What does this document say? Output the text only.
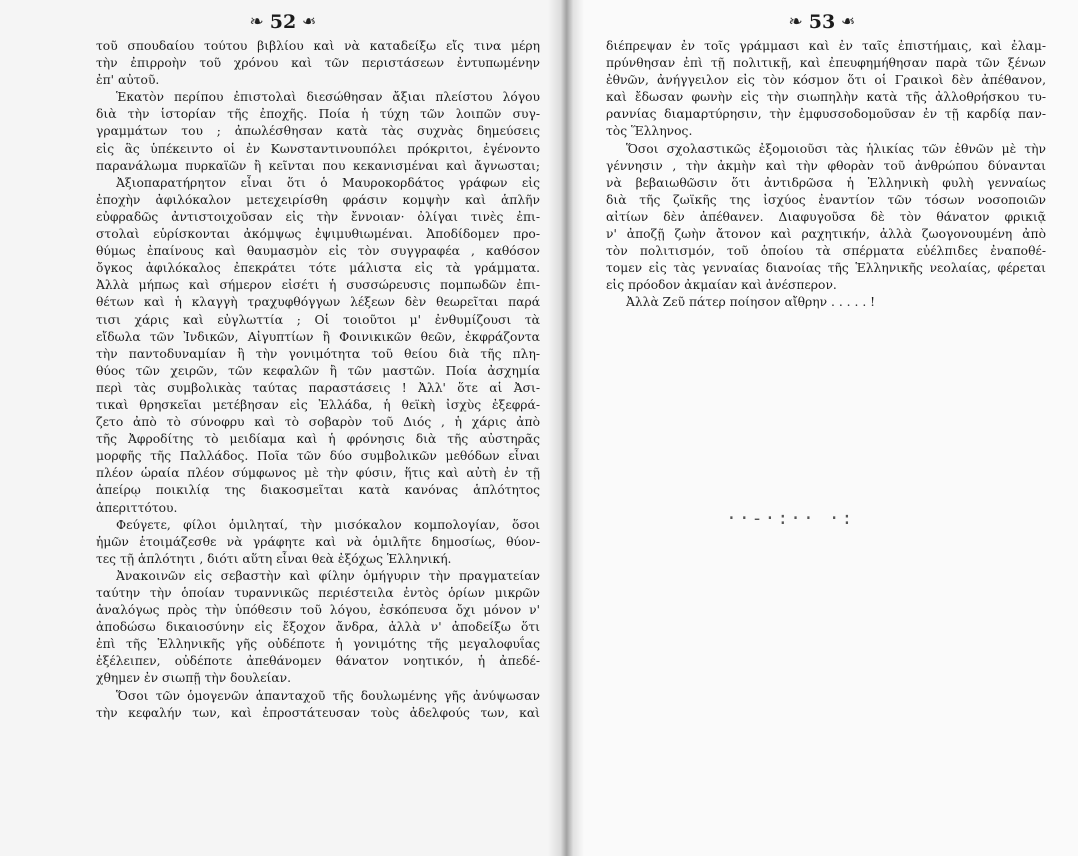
❧ 52 ❧
τοῦ σπουδαίου τούτου βιβλίου καὶ νὰ καταδείξω εἴς τινα μέρη
τὴν ἐπιρροὴν τοῦ χρόνου καὶ τῶν περιστάσεων ἐντυπωμένην
ἐπ' αὐτοῦ.
Ἑκατὸν περίπου ἐπιστολαὶ διεσώθησαν ἄξιαι πλείστου λόγου
διὰ τὴν ἱστορίαν τῆς ἐποχῆς. Ποία ἡ τύχη τῶν λοιπῶν συγ-
γραμμάτων του ; ἀπωλέσθησαν κατὰ τὰς συχνὰς δημεύσεις
εἰς ἃς ὑπέκειντο οἱ ἐν Κωνσταντινουπόλει πρόκριτοι, ἐγένοντο
παρανάλωμα πυρκαϊῶν ἢ κεῖνται που κεκανισμέναι καὶ ἄγνωσται;
Ἀξιοπαρατήρητον εἶναι ὅτι ὁ Μαυροκορδάτος γράφων εἰς
ἐποχὴν ἀφιλόκαλον μετεχειρίσθη φράσιν κομψὴν καὶ ἁπλῆν
εὐφραδῶς ἀντιστοιχοῦσαν εἰς τὴν ἔννοιαν· ὀλίγαι τινὲς ἐπι-
στολαὶ εὑρίσκονται ἀκόμψως ἐψιμυθιωμέναι. Ἀποδίδομεν προ-
θύμως ἐπαίνους καὶ θαυμασμὸν εἰς τὸν συγγραφέα , καθόσον
ὄγκος ἀφιλόκαλος ἐπεκράτει τότε μάλιστα εἰς τὰ γράμματα.
Ἀλλὰ μήπως καὶ σήμερον εἰσέτι ἡ συσσώρευσις πομπωδῶν ἐπι-
θέτων καὶ ἡ κλαγγὴ τραχυφθόγγων λέξεων δὲν θεωρεῖται παρά
τισι χάρις καὶ εὐγλωττία ; Οἱ τοιοῦτοι μ' ἐνθυμίζουσι τὰ
εἴδωλα τῶν Ἰνδικῶν, Αἰγυπτίων ἢ Φοινικικῶν θεῶν, ἐκφράζοντα
τὴν παντοδυναμίαν ἢ τὴν γονιμότητα τοῦ θείου διὰ τῆς πλη-
θύος τῶν χειρῶν, τῶν κεφαλῶν ἢ τῶν μαστῶν. Ποία ἀσχημία
περὶ τὰς συμβολικὰς ταύτας παραστάσεις ! Ἀλλ' ὅτε αἱ Ἀσι-
τικαὶ θρησκεῖαι μετέβησαν εἰς Ἑλλάδα, ἡ θεϊκὴ ἰσχὺς ἐξεφρά-
ζετο ἀπὸ τὸ σύνοφρυ καὶ τὸ σοβαρὸν τοῦ Διός , ἡ χάρις ἀπὸ
τῆς Ἀφροδίτης τὸ μειδίαμα καὶ ἡ φρόνησις διὰ τῆς αὐστηρᾶς
μορφῆς τῆς Παλλάδος. Ποῖα τῶν δύο συμβολικῶν μεθόδων εἶναι
πλέον ὡραία πλέον σύμφωνος μὲ τὴν φύσιν, ἥτις καὶ αὐτὴ ἐν τῇ
ἀπείρῳ ποικιλίᾳ της διακοσμεῖται κατὰ κανόνας ἁπλότητος
ἀπεριττότου.
Φεύγετε, φίλοι ὁμιληταί, τὴν μισόκαλον κομπολογίαν, ὅσοι
ἡμῶν ἑτοιμάζεσθε νὰ γράφητε καὶ νὰ ὁμιλῆτε δημοσίως, θύον-
τες τῇ ἁπλότητι , διότι αὕτη εἶναι θεὰ ἐξόχως Ἑλληνική.
Ἀνακοινῶν εἰς σεβαστὴν καὶ φίλην ὁμήγυριν τὴν πραγματείαν
ταύτην τὴν ὁποίαν τυραννικῶς περιέστειλα ἐντὸς ὁρίων μικρῶν
ἀναλόγως πρὸς τὴν ὑπόθεσιν τοῦ λόγου, ἐσκόπευσα ὄχι μόνον ν'
ἀποδώσω δικαιοσύνην εἰς ἔξοχον ἄνδρα, ἀλλὰ ν' ἀποδείξω ὅτι
ἐπὶ τῆς Ἑλληνικῆς γῆς οὐδέποτε ἡ γονιμότης τῆς μεγαλοφυΐας
ἐξέλειπεν, οὐδέποτε ἀπεθάνομεν θάνατον νοητικόν, ἡ ἀπεδέ-
χθημεν ἐν σιωπῇ τὴν δουλείαν.
Ὅσοι τῶν ὁμογενῶν ἁπανταχοῦ τῆς δουλωμένης γῆς ἀνύψωσαν
τὴν κεφαλήν των, καὶ ἐπροστάτευσαν τοὺς ἀδελφούς των, καὶ
❧ 53 ❧
διέπρεψαν ἐν τοῖς γράμμασι καὶ ἐν ταῖς ἐπιστήμαις, καὶ ἐλαμ-
πρύνθησαν ἐπὶ τῇ πολιτικῇ, καὶ ἐπευφημήθησαν παρὰ τῶν ξένων
ἐθνῶν, ἀνήγγειλον εἰς τὸν κόσμον ὅτι οἱ Γραικοὶ δὲν ἀπέθανον,
καὶ ἔδωσαν φωνὴν εἰς τὴν σιωπηλὴν κατὰ τῆς ἀλλοθρήσκου τυ-
ραννίας διαμαρτύρησιν, τὴν ἐμφυσσοδομοῦσαν ἐν τῇ καρδίᾳ παν-
τὸς Ἕλληνος.
Ὅσοι σχολαστικῶς ἐξομοιοῦσι τὰς ἡλικίας τῶν ἐθνῶν μὲ τὴν
γέννησιν , τὴν ἀκμὴν καὶ τὴν φθορὰν τοῦ ἀνθρώπου δύνανται
νὰ βεβαιωθῶσιν ὅτι ἀντιδρῶσα ἡ Ἑλληνικὴ φυλὴ γενναίως
διὰ τῆς ζωϊκῆς της ἰσχύος ἐναντίον τῶν τόσων νοσοποιῶν
αἰτίων δὲν ἀπέθανεν. Διαφυγοῦσα δὲ τὸν θάνατον φρικιᾷ
ν' ἀποζῇ ζωὴν ἄτονον καὶ ραχητικήν, ἀλλὰ ζωογονουμένη ἀπὸ
τὸν πολιτισμόν, τοῦ ὁποίου τὰ σπέρματα εὐέλπιδες ἐναποθέ-
τομεν εἰς τὰς γενναίας διανοίας τῆς Ἑλληνικῆς νεολαίας, φέρεται
εἰς πρόοδον ἀκμαίαν καὶ ἀνέσπερον.
Ἀλλὰ Ζεῦ πάτερ ποίησον αἴθρην . . . . . !
··-·:·· ·:
